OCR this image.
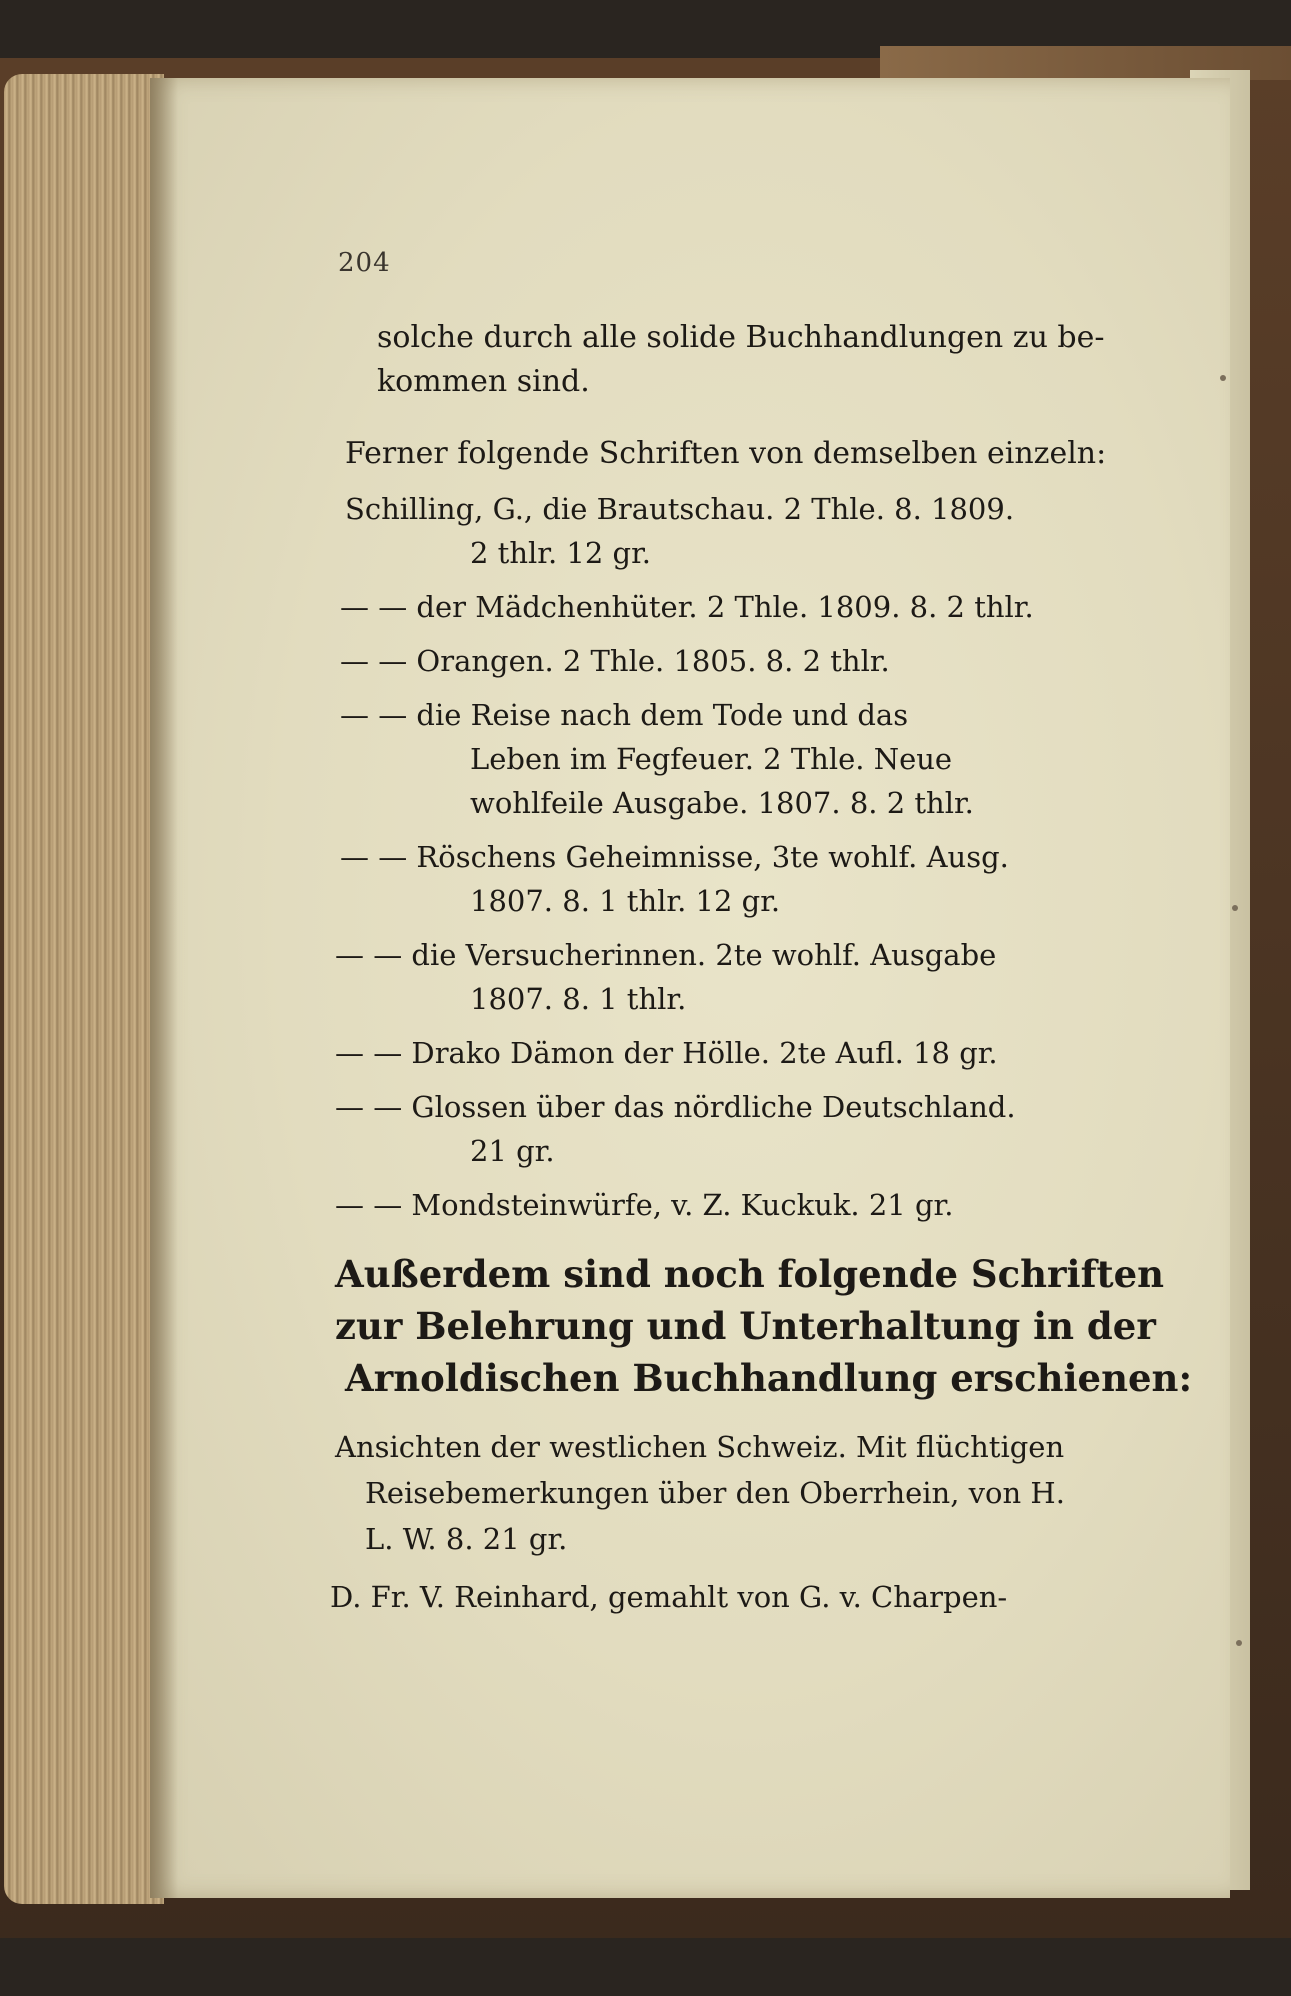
204
solche durch alle solide Buchhandlungen zu be-
kommen sind.
Ferner folgende Schriften von demselben einzeln:
Schilling, G., die Brautschau. 2 Thle. 8. 1809.
2 thlr. 12 gr.
— — der Mädchenhüter. 2 Thle. 1809. 8. 2 thlr.
— — Orangen. 2 Thle. 1805. 8. 2 thlr.
— — die Reise nach dem Tode und das
Leben im Fegfeuer. 2 Thle. Neue
wohlfeile Ausgabe. 1807. 8. 2 thlr.
— — Röschens Geheimnisse, 3te wohlf. Ausg.
1807. 8. 1 thlr. 12 gr.
— — die Versucherinnen. 2te wohlf. Ausgabe
1807. 8. 1 thlr.
— — Drako Dämon der Hölle. 2te Aufl. 18 gr.
— — Glossen über das nördliche Deutschland.
21 gr.
— — Mondsteinwürfe, v. Z. Kuckuk. 21 gr.
Außerdem sind noch folgende Schriften
zur Belehrung und Unterhaltung in der
Arnoldischen Buchhandlung erschienen:
Ansichten der westlichen Schweiz. Mit flüchtigen
Reisebemerkungen über den Oberrhein, von H.
L. W. 8. 21 gr.
D. Fr. V. Reinhard, gemahlt von G. v. Charpen-
